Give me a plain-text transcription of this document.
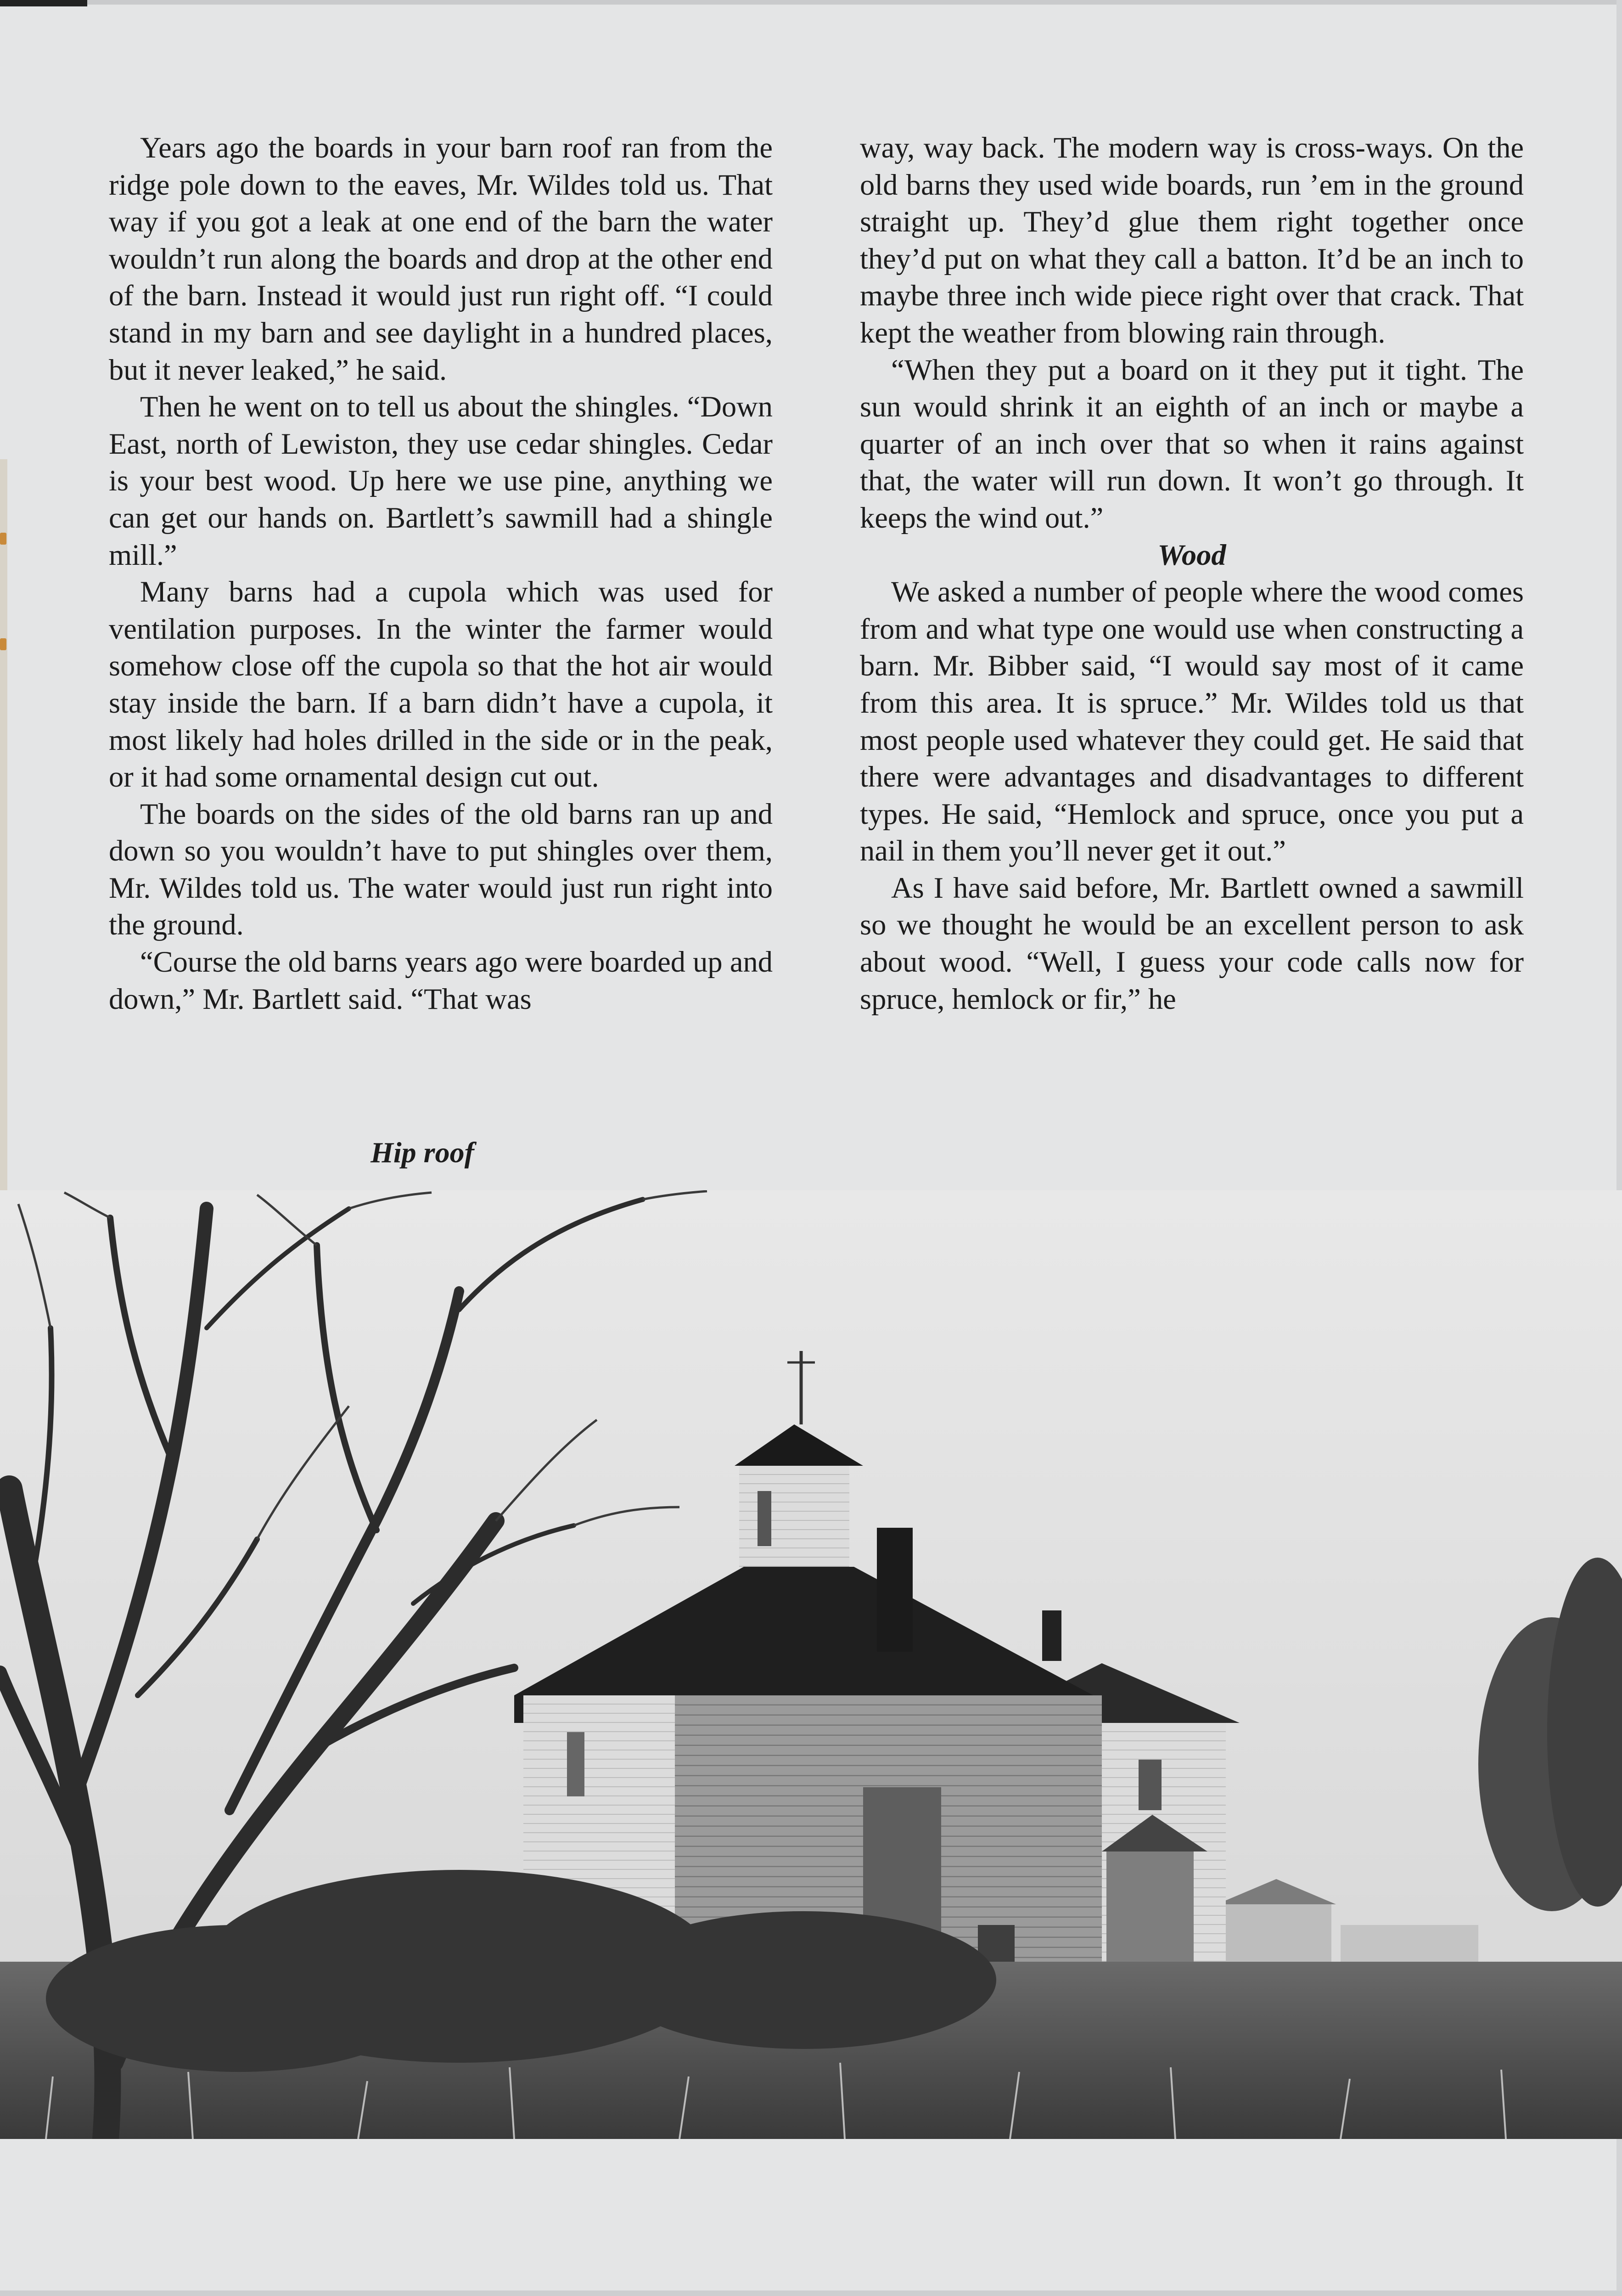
Years ago the boards in your barn roof ran from the ridge pole down to the eaves, Mr. Wildes told us. That way if you got a leak at one end of the barn the water wouldn’t run along the boards and drop at the other end of the barn. Instead it would just run right off. “I could stand in my barn and see daylight in a hundred places, but it never leaked,” he said.

Then he went on to tell us about the shingles. “Down East, north of Lewiston, they use cedar shingles. Cedar is your best wood. Up here we use pine, anything we can get our hands on. Bartlett’s sawmill had a shingle mill.”

Many barns had a cupola which was used for ventilation purposes. In the winter the farmer would somehow close off the cupola so that the hot air would stay inside the barn. If a barn didn’t have a cupola, it most likely had holes drilled in the side or in the peak, or it had some ornamental design cut out.

The boards on the sides of the old barns ran up and down so you wouldn’t have to put shingles over them, Mr. Wildes told us. The water would just run right into the ground.

“Course the old barns years ago were boarded up and down,” Mr. Bartlett said. “That was

way, way back. The modern way is cross-ways. On the old barns they used wide boards, run ’em in the ground straight up. They’d glue them right together once they’d put on what they call a batton. It’d be an inch to maybe three inch wide piece right over that crack. That kept the weather from blowing rain through.

“When they put a board on it they put it tight. The sun would shrink it an eighth of an inch or maybe a quarter of an inch over that so when it rains against that, the water will run down. It won’t go through. It keeps the wind out.”

Wood

We asked a number of people where the wood comes from and what type one would use when constructing a barn. Mr. Bibber said, “I would say most of it came from this area. It is spruce.” Mr. Wildes told us that most people used whatever they could get. He said that there were advantages and disadvantages to different types. He said, “Hemlock and spruce, once you put a nail in them you’ll never get it out.”

As I have said before, Mr. Bartlett owned a sawmill so we thought he would be an excellent person to ask about wood. “Well, I guess your code calls now for spruce, hemlock or fir,” he

Hip roof
